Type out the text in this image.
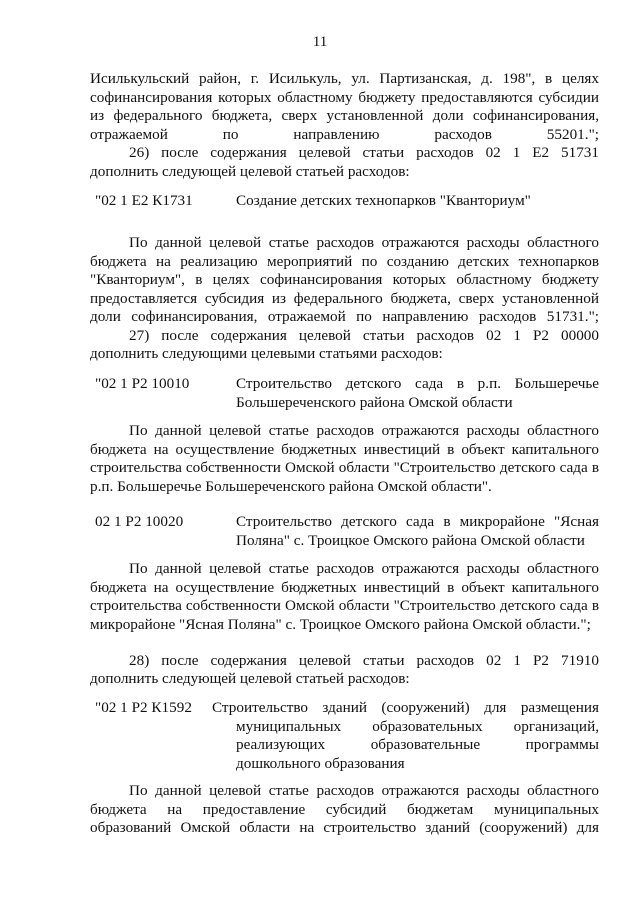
11
Исилькульский район, г. Исилькуль, ул. Партизанская, д. 198", в целях софинансирования которых областному бюджету предоставляются субсидии из федерального бюджета, сверх установленной доли софинансирования, отражаемой по направлению расходов 55201.";
26) после содержания целевой статьи расходов 02 1 Е2 51731
дополнить следующей целевой статьей расходов:
"02 1 Е2 К1731	Создание детских технопарков "Кванториум"
По данной целевой статье расходов отражаются расходы областного бюджета на реализацию мероприятий по созданию детских технопарков "Кванториум", в целях софинансирования которых областному бюджету предоставляется субсидия из федерального бюджета, сверх установленной доли софинансирования, отражаемой по направлению расходов 51731.";
27) после содержания целевой статьи расходов 02 1 Р2 00000
дополнить следующими целевыми статьями расходов:
"02 1 Р2 10010	Строительство детского сада в р.п. Большеречье Большереченского района Омской области
По данной целевой статье расходов отражаются расходы областного бюджета на осуществление бюджетных инвестиций в объект капитального строительства собственности Омской области "Строительство детского сада в р.п. Большеречье Большереченского района Омской области".
02 1 Р2 10020	Строительство детского сада в микрорайоне "Ясная Поляна" с. Троицкое Омского района Омской области
По данной целевой статье расходов отражаются расходы областного бюджета на осуществление бюджетных инвестиций в объект капитального строительства собственности Омской области "Строительство детского сада в микрорайоне "Ясная Поляна" с. Троицкое Омского района Омской области.";
28) после содержания целевой статьи расходов 02 1 Р2 71910
дополнить следующей целевой статьей расходов:
"02 1 Р2 К1592 Строительство зданий (сооружений) для размещения муниципальных образовательных организаций, реализующих образовательные программы дошкольного образования
По данной целевой статье расходов отражаются расходы областного бюджета на предоставление субсидий бюджетам муниципальных образований Омской области на строительство зданий (сооружений) для
